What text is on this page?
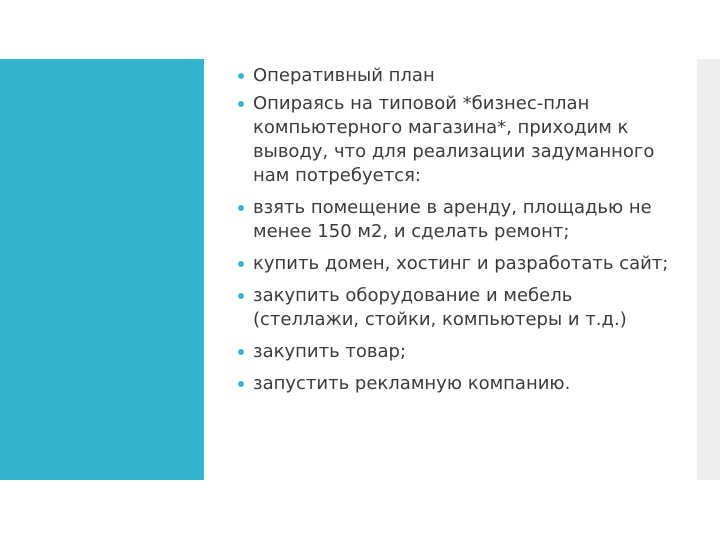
Оперативный план
Опираясь на типовой *бизнес-план компьютерного магазина*, приходим к выводу, что для реализации задуманного нам потребуется:
взять помещение в аренду, площадью не менее 150 м2, и сделать ремонт;
купить домен, хостинг и разработать сайт;
закупить оборудование и мебель (стеллажи, стойки, компьютеры и т.д.)
закупить товар;
запустить рекламную компанию.
